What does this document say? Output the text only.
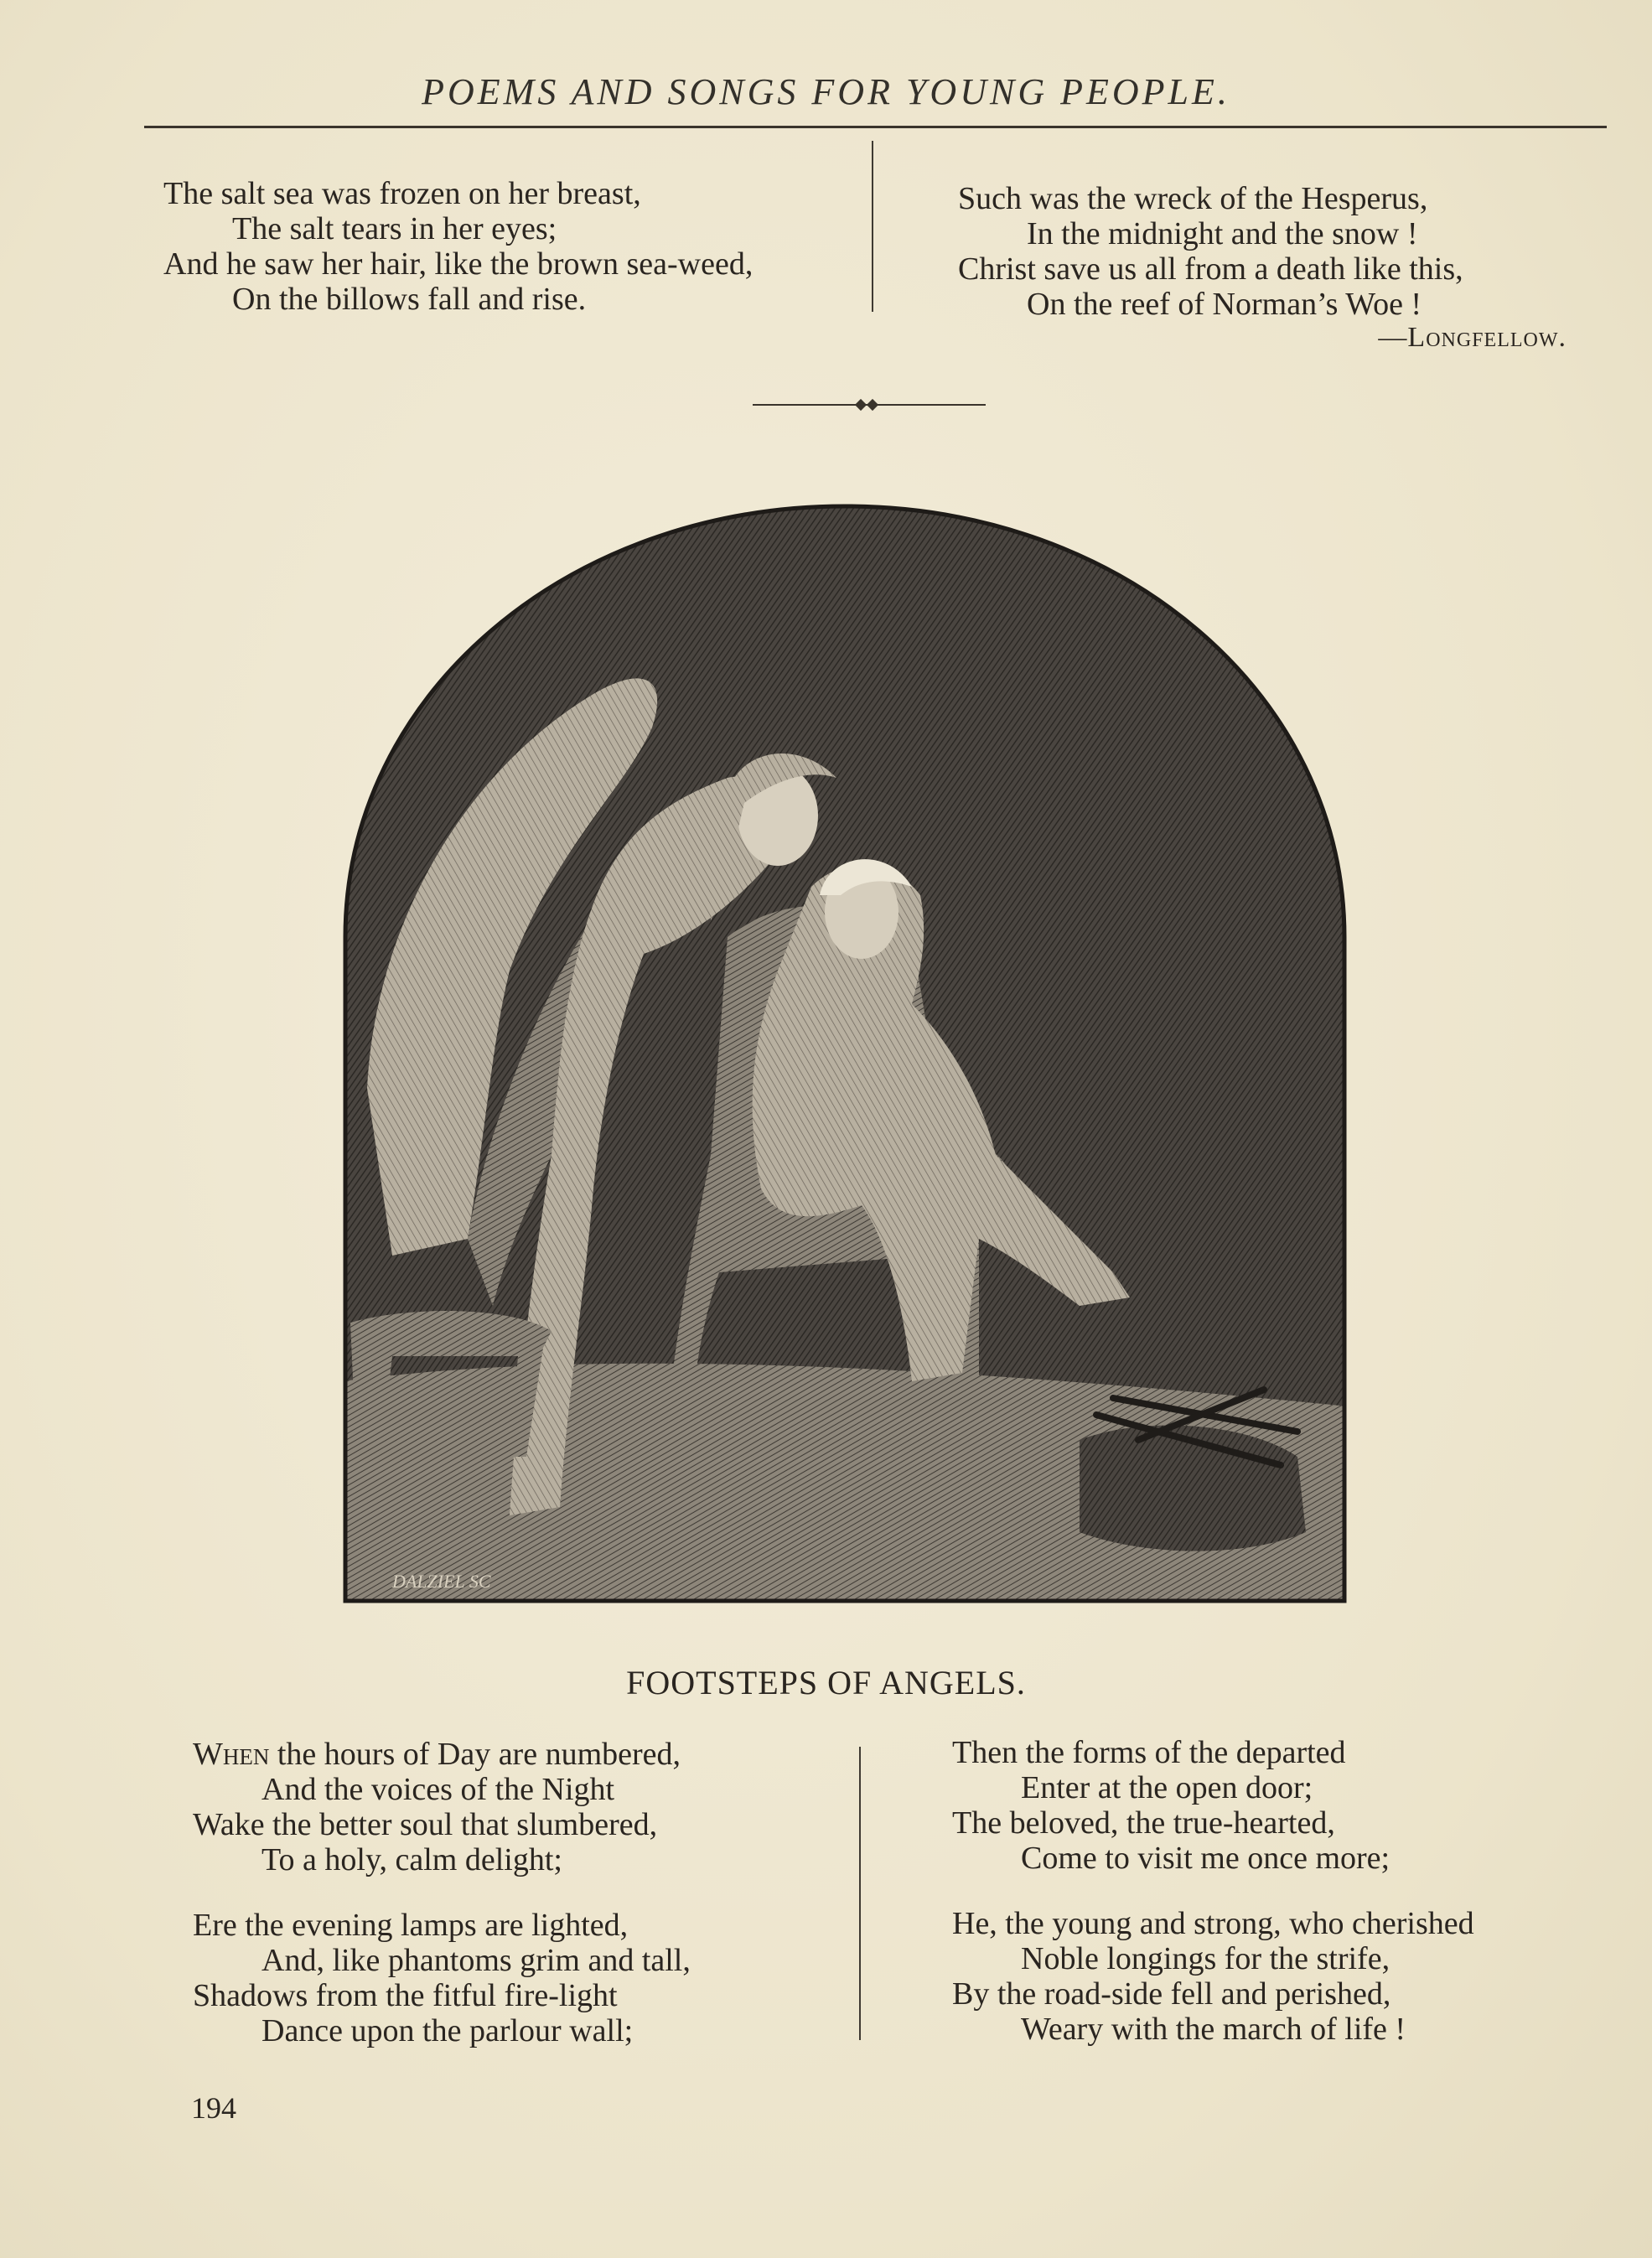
POEMS AND SONGS FOR YOUNG PEOPLE.
The salt sea was frozen on her breast,
The salt tears in her eyes;
And he saw her hair, like the brown sea-weed,
On the billows fall and rise.
Such was the wreck of the Hesperus,
In the midnight and the snow !
Christ save us all from a death like this,
On the reef of Norman’s Woe !
—Longfellow.
DALZIEL SC
FOOTSTEPS OF ANGELS.
When the hours of Day are numbered,
And the voices of the Night
Wake the better soul that slumbered,
To a holy, calm delight;
Ere the evening lamps are lighted,
And, like phantoms grim and tall,
Shadows from the fitful fire-light
Dance upon the parlour wall;
Then the forms of the departed
Enter at the open door;
The beloved, the true-hearted,
Come to visit me once more;
He, the young and strong, who cherished
Noble longings for the strife,
By the road-side fell and perished,
Weary with the march of life !
194
